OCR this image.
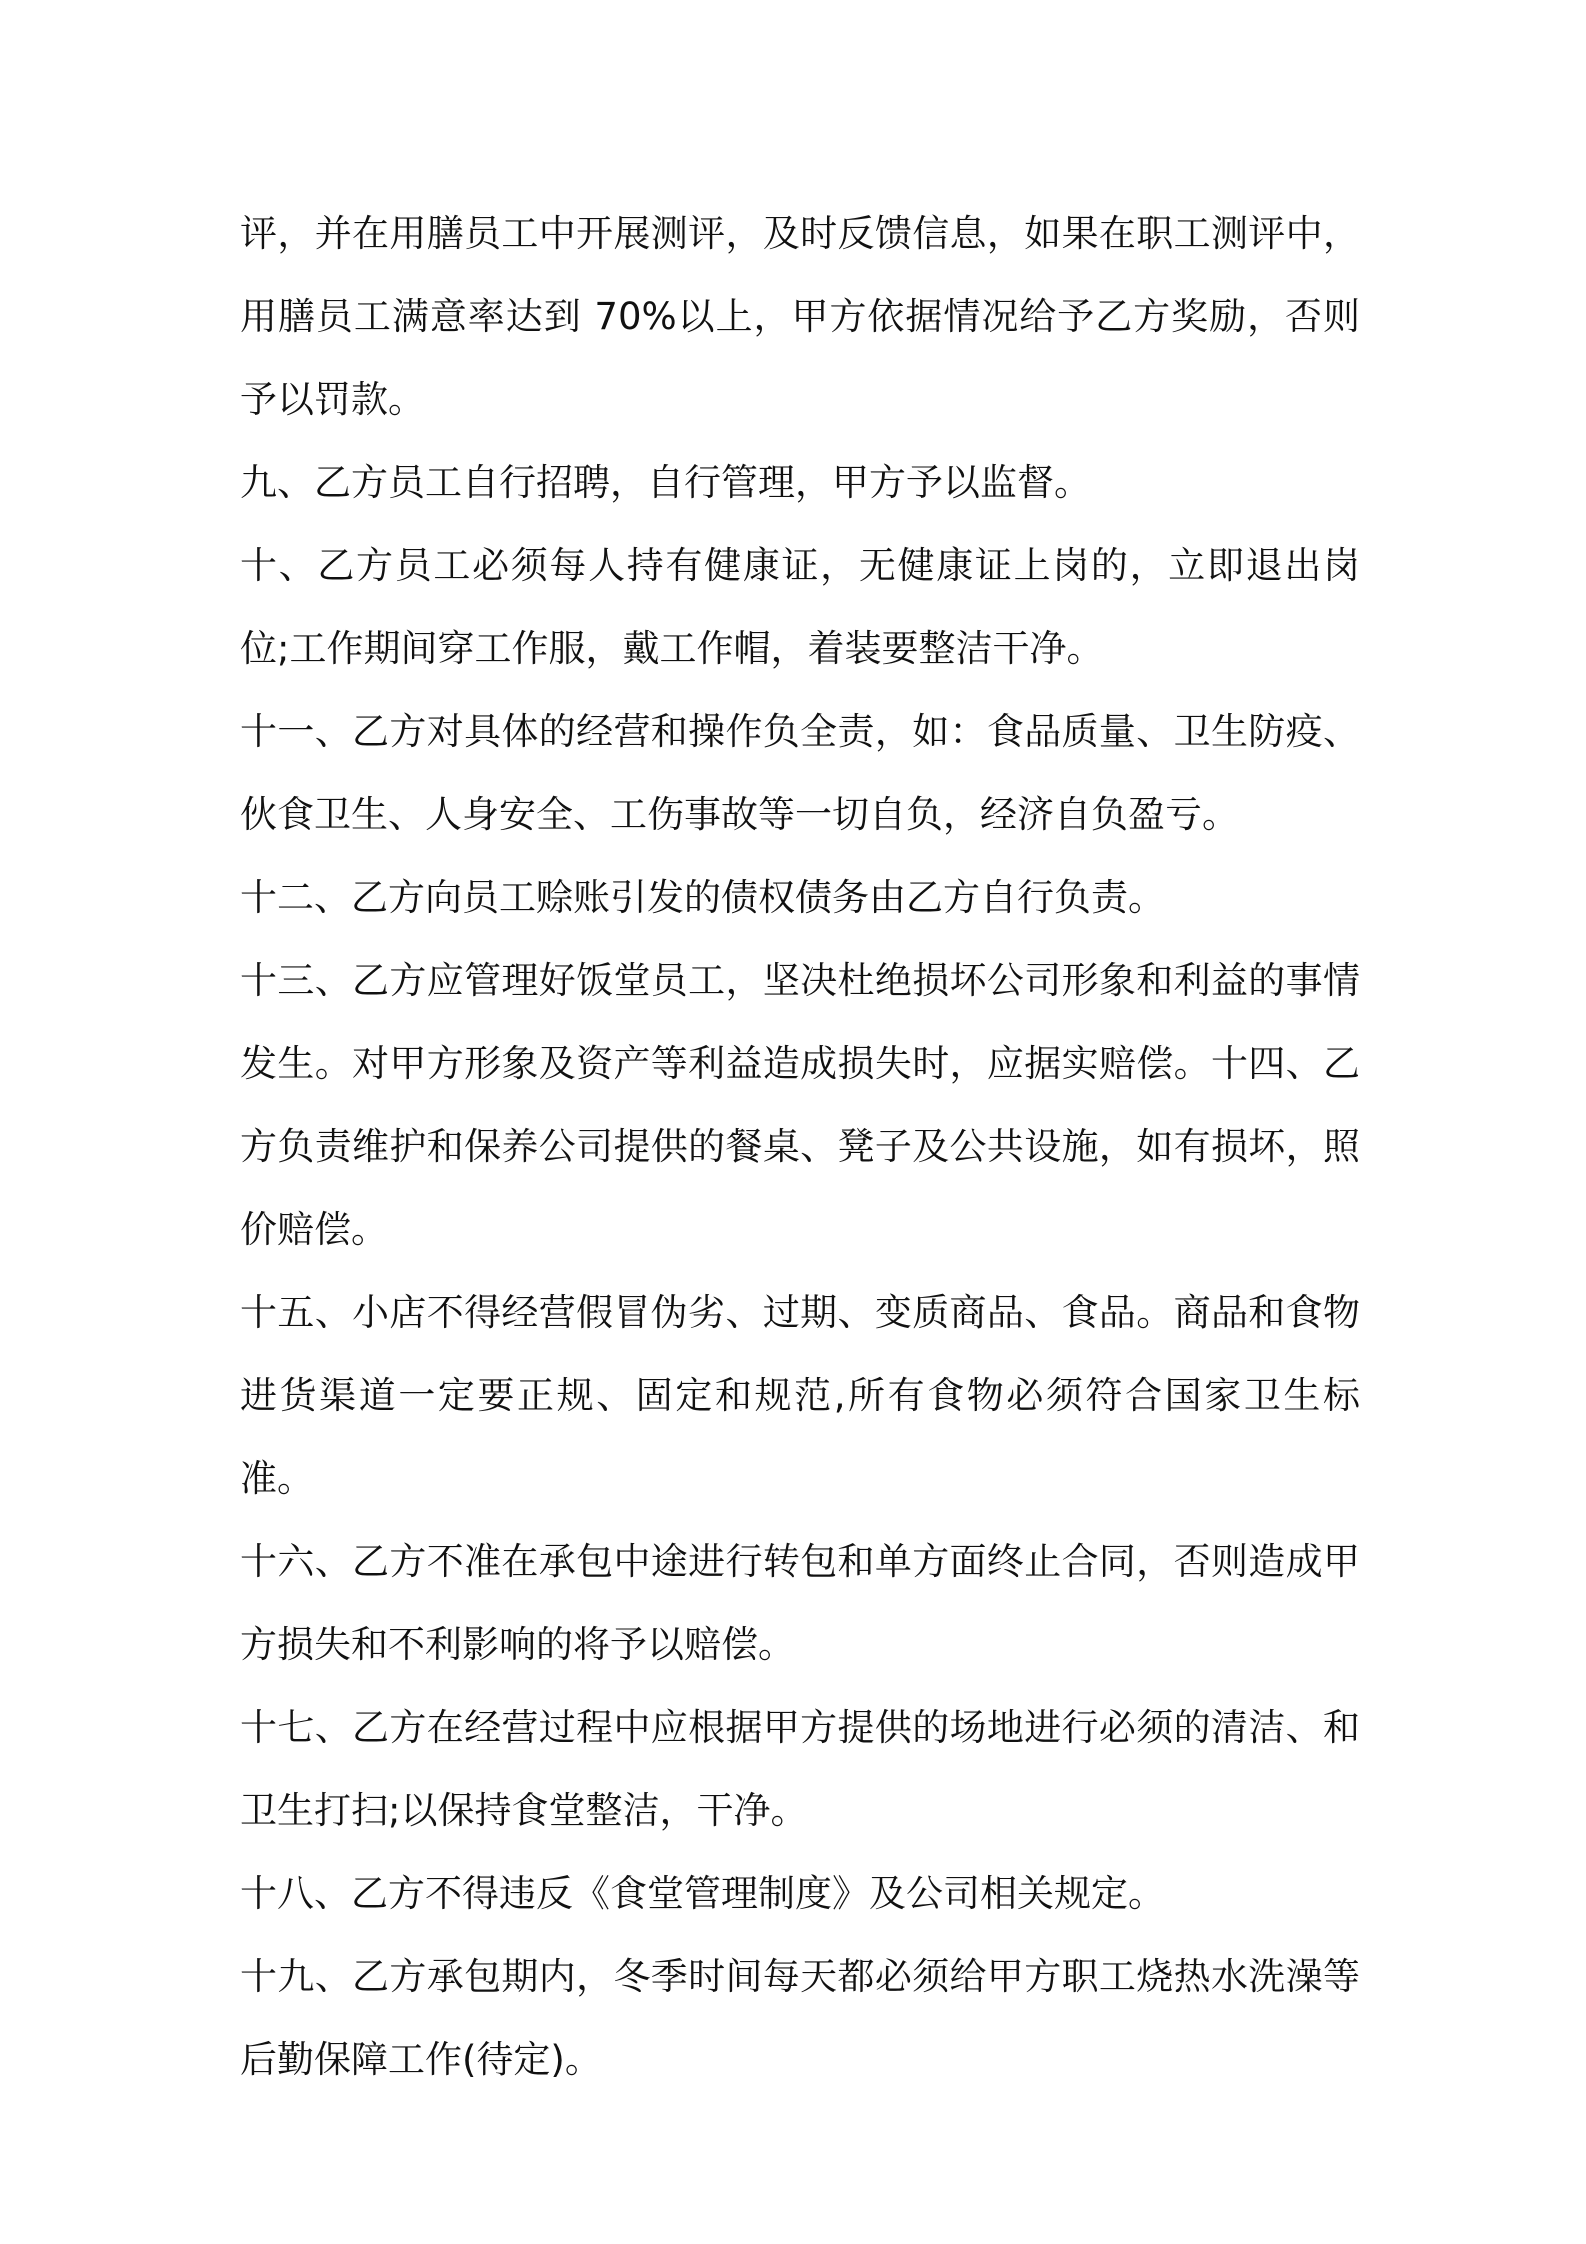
评，并在用膳员工中开展测评，及时反馈信息，如果在职工测评中，用膳员工满意率达到 70%以上，甲方依据情况给予乙方奖励，否则予以罚款。

九、乙方员工自行招聘，自行管理，甲方予以监督。

十、乙方员工必须每人持有健康证，无健康证上岗的，立即退出岗位;工作期间穿工作服，戴工作帽，着装要整洁干净。

十一、乙方对具体的经营和操作负全责，如：食品质量、卫生防疫、伙食卫生、人身安全、工伤事故等一切自负，经济自负盈亏。

十二、乙方向员工赊账引发的债权债务由乙方自行负责。

十三、乙方应管理好饭堂员工，坚决杜绝损坏公司形象和利益的事情发生。对甲方形象及资产等利益造成损失时，应据实赔偿。十四、乙方负责维护和保养公司提供的餐桌、凳子及公共设施，如有损坏，照价赔偿。

十五、小店不得经营假冒伪劣、过期、变质商品、食品。商品和食物进货渠道一定要正规、固定和规范,所有食物必须符合国家卫生标准。

十六、乙方不准在承包中途进行转包和单方面终止合同，否则造成甲方损失和不利影响的将予以赔偿。

十七、乙方在经营过程中应根据甲方提供的场地进行必须的清洁、和卫生打扫;以保持食堂整洁，干净。

十八、乙方不得违反《食堂管理制度》及公司相关规定。

十九、乙方承包期内，冬季时间每天都必须给甲方职工烧热水洗澡等后勤保障工作(待定)。
